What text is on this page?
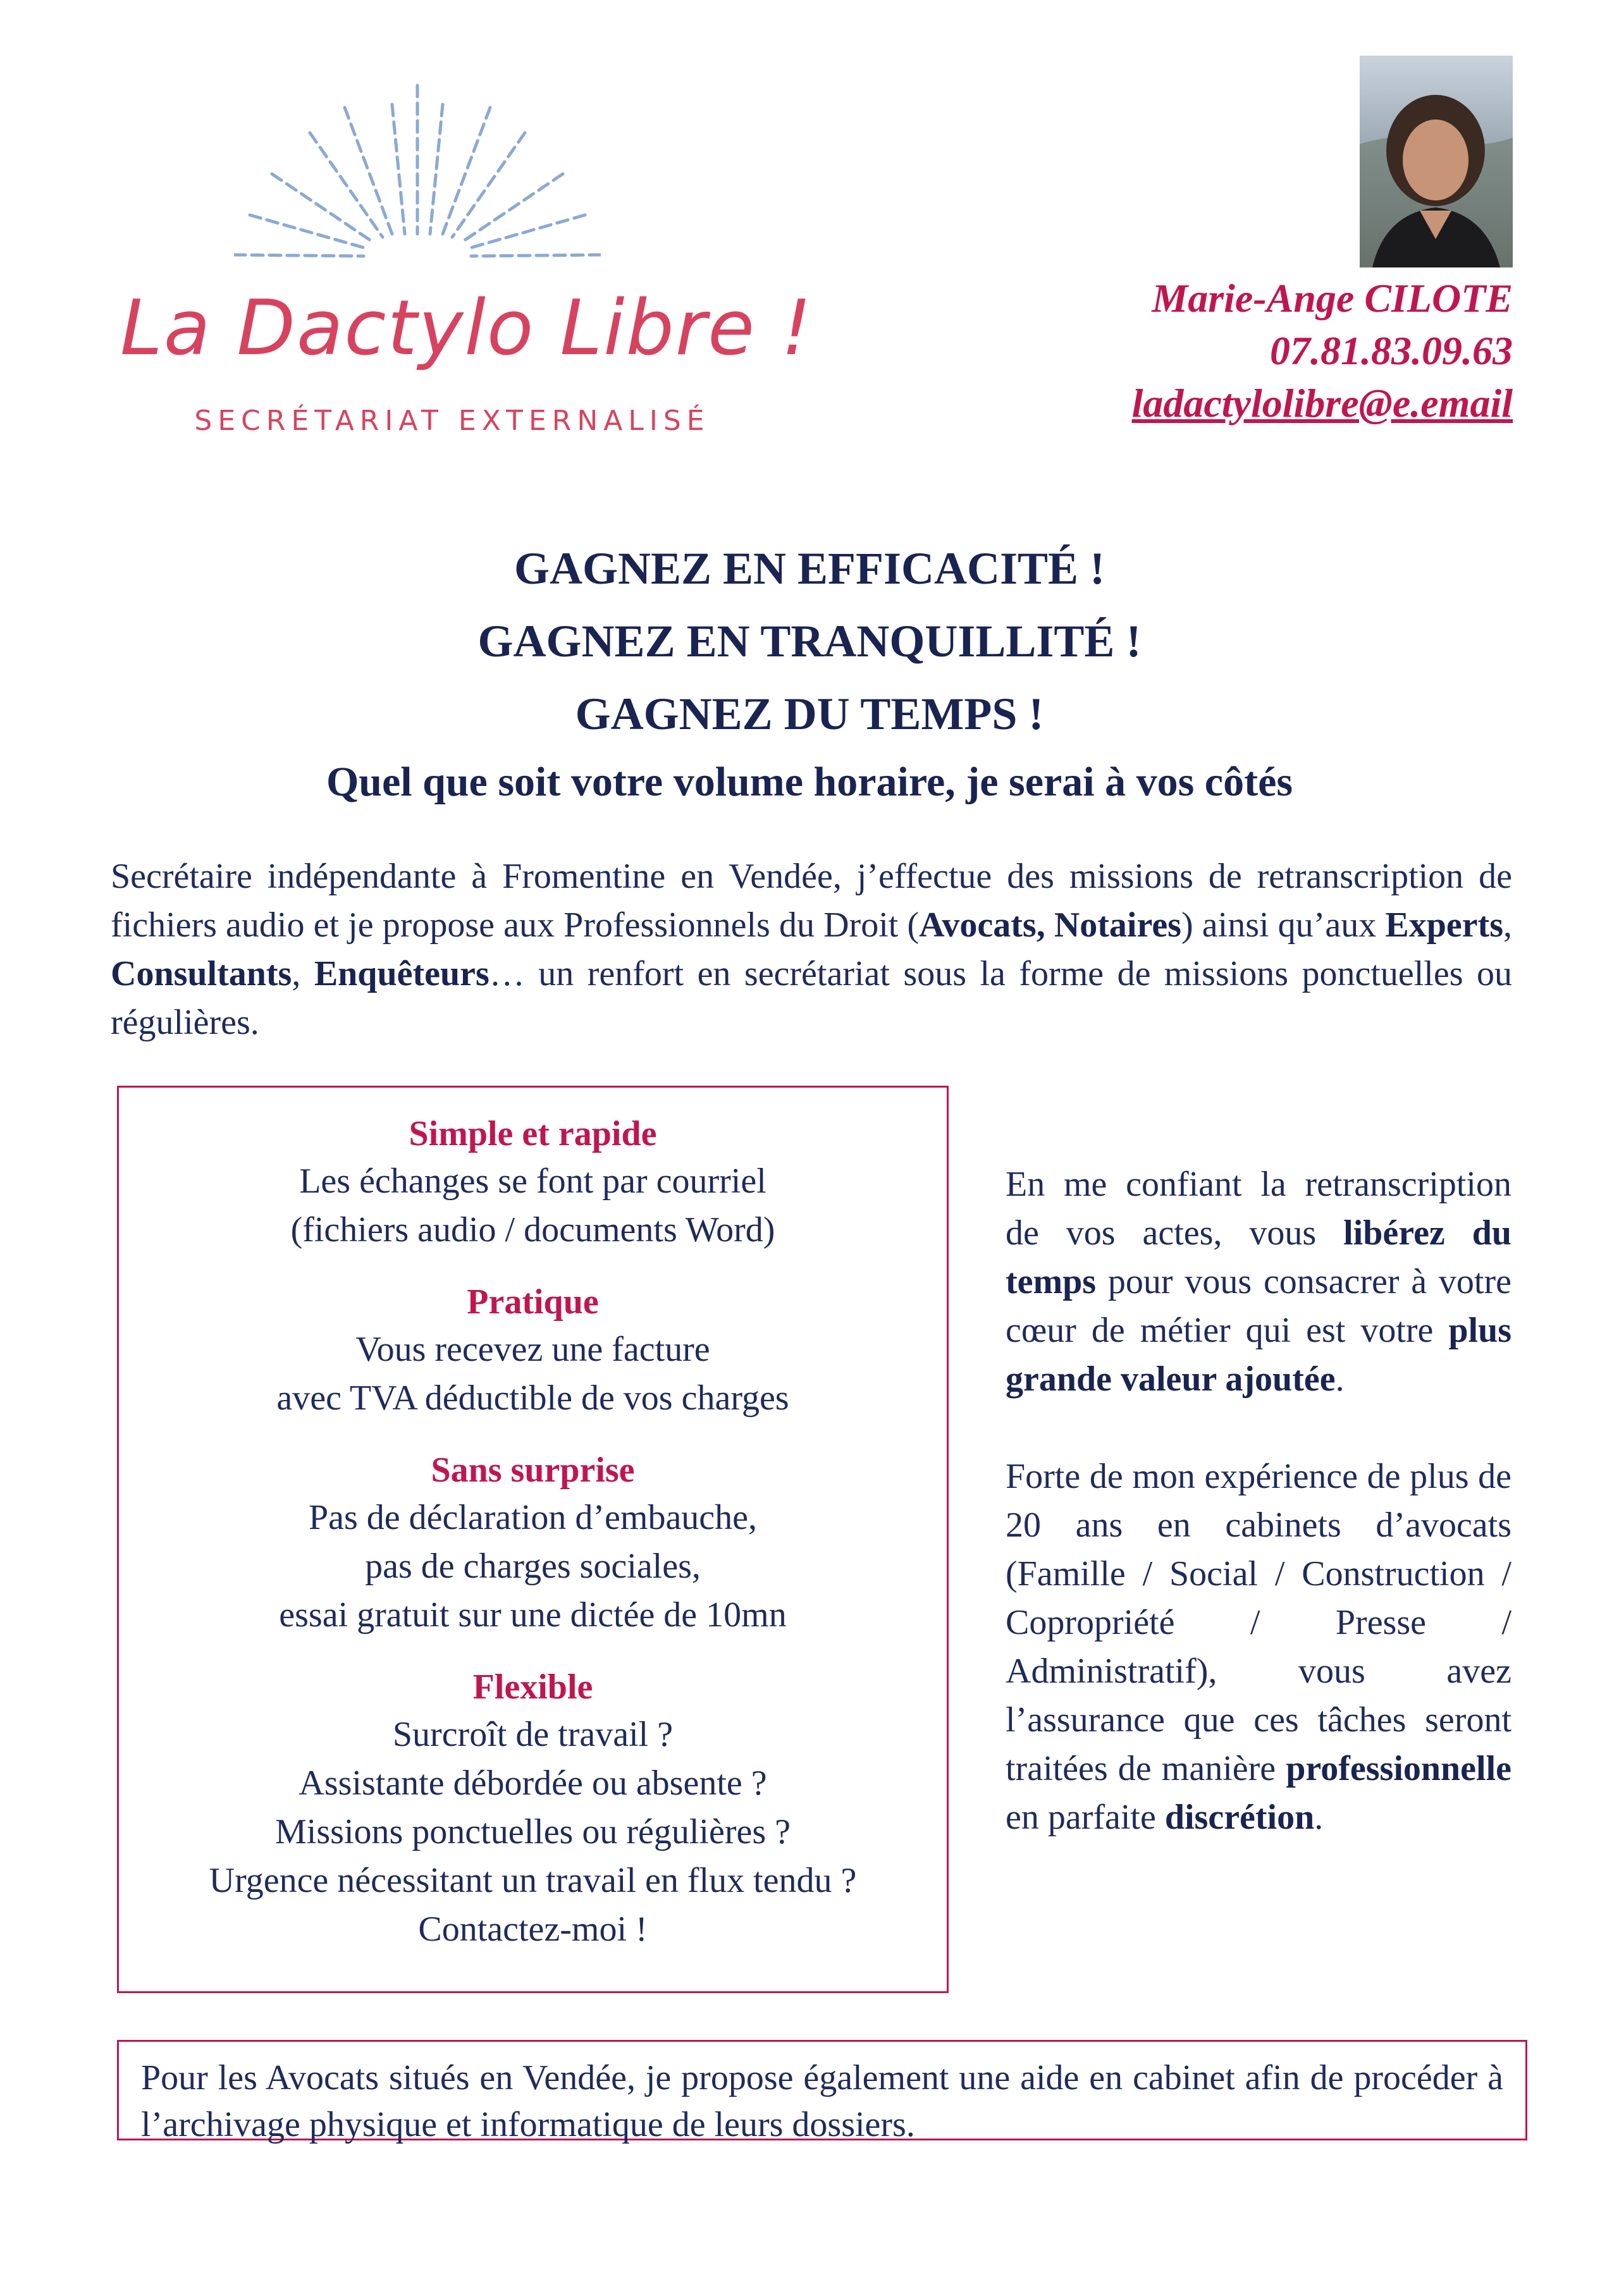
La Dactylo Libre !
SECRÉTARIAT EXTERNALISÉ
Marie-Ange CILOTE
07.81.83.09.63
ladactylolibre@e.email
GAGNEZ EN EFFICACITÉ !
GAGNEZ EN TRANQUILLITÉ !
GAGNEZ DU TEMPS !
Quel que soit votre volume horaire, je serai à vos côtés
Secrétaire indépendante à Fromentine en Vendée, j’effectue des missions de retranscription de fichiers audio et je propose aux Professionnels du Droit (Avocats, Notaires) ainsi qu’aux Experts, Consultants, Enquêteurs… un renfort en secrétariat sous la forme de missions ponctuelles ou régulières.
Simple et rapide
Les échanges se font par courriel
(fichiers audio / documents Word)
Pratique
Vous recevez une facture
avec TVA déductible de vos charges
Sans surprise
Pas de déclaration d’embauche,
pas de charges sociales,
essai gratuit sur une dictée de 10mn
Flexible
Surcroît de travail ?
Assistante débordée ou absente ?
Missions ponctuelles ou régulières ?
Urgence nécessitant un travail en flux tendu ?
Contactez-moi !

En me confiant la retranscription de vos actes, vous libérez du temps pour vous consacrer à votre cœur de métier qui est votre plus grande valeur ajoutée.

Forte de mon expérience de plus de 20 ans en cabinets d’avocats (Famille / Social / Construction / Copropriété / Presse / Administratif), vous avez l’assurance que ces tâches seront traitées de manière professionnelle en parfaite discrétion.

Pour les Avocats situés en Vendée, je propose également une aide en cabinet afin de procéder à l’archivage physique et informatique de leurs dossiers.
